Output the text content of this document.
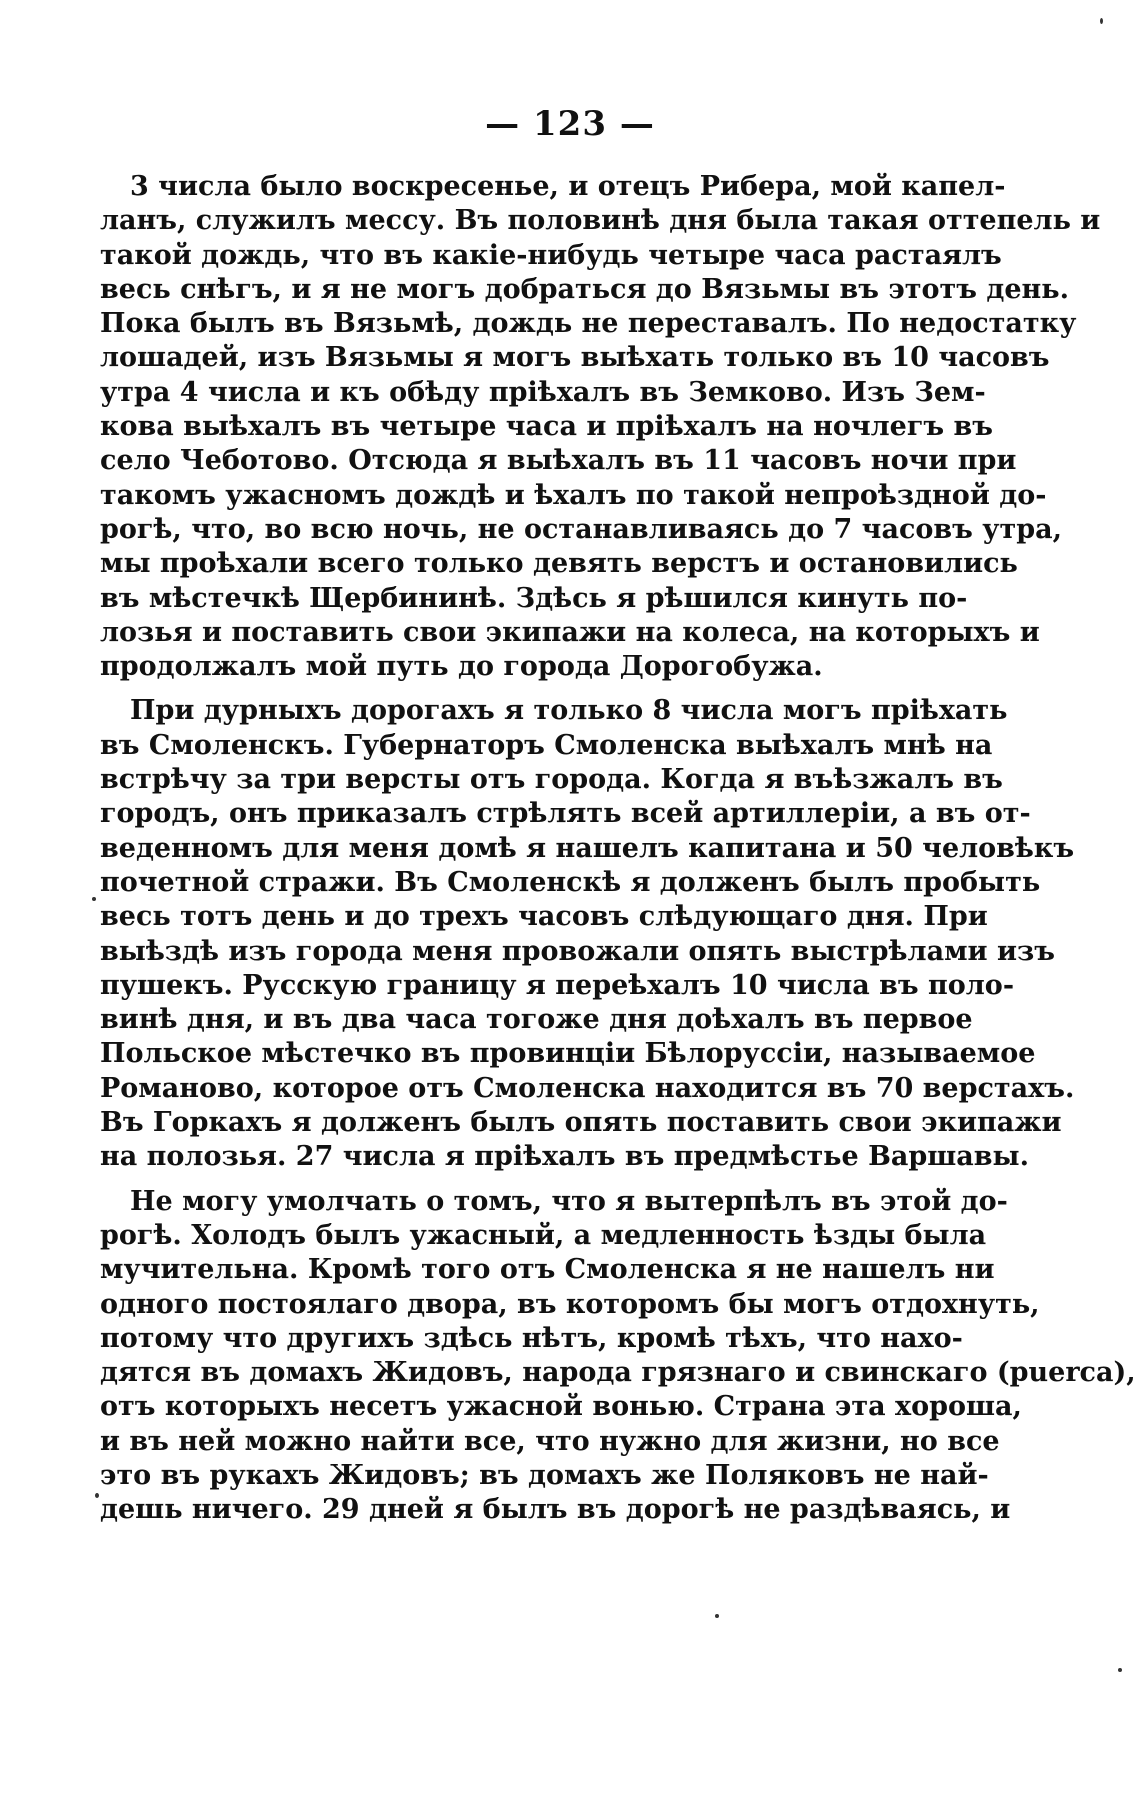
— 123 —
3 числа было воскресенье, и отецъ Рибера, мой капел-
ланъ, служилъ мессу. Въ половинѣ дня была такая оттепель и
такой дождь, что въ какіе-нибудь четыре часа растаялъ
весь снѣгъ, и я не могъ добраться до Вязьмы въ этотъ день.
Пока былъ въ Вязьмѣ, дождь не переставалъ. По недостатку
лошадей, изъ Вязьмы я могъ выѣхать только въ 10 часовъ
утра 4 числа и къ обѣду пріѣхалъ въ Земково. Изъ Зем-
кова выѣхалъ въ четыре часа и пріѣхалъ на ночлегъ въ
село Чеботово. Отсюда я выѣхалъ въ 11 часовъ ночи при
такомъ ужасномъ дождѣ и ѣхалъ по такой непроѣздной до-
рогѣ, что, во всю ночь, не останавливаясь до 7 часовъ утра,
мы проѣхали всего только девять верстъ и остановились
въ мѣстечкѣ Щербининѣ. Здѣсь я рѣшился кинуть по-
лозья и поставить свои экипажи на колеса, на которыхъ и
продолжалъ мой путь до города Дорогобужа.
При дурныхъ дорогахъ я только 8 числа могъ пріѣхать
въ Смоленскъ. Губернаторъ Смоленска выѣхалъ мнѣ на
встрѣчу за три версты отъ города. Когда я въѣзжалъ въ
городъ, онъ приказалъ стрѣлять всей артиллеріи, а въ от-
веденномъ для меня домѣ я нашелъ капитана и 50 человѣкъ
почетной стражи. Въ Смоленскѣ я долженъ былъ пробыть
весь тотъ день и до трехъ часовъ слѣдующаго дня. При
выѣздѣ изъ города меня провожали опять выстрѣлами изъ
пушекъ. Русскую границу я переѣхалъ 10 числа въ поло-
винѣ дня, и въ два часа тогоже дня доѣхалъ въ первое
Польское мѣстечко въ провинціи Бѣлоруссіи, называемое
Романово, которое отъ Смоленска находится въ 70 верстахъ.
Въ Горкахъ я долженъ былъ опять поставить свои экипажи
на полозья. 27 числа я пріѣхалъ въ предмѣстье Варшавы.
Не могу умолчать о томъ, что я вытерпѣлъ въ этой до-
рогѣ. Холодъ былъ ужасный, а медленность ѣзды была
мучительна. Кромѣ того отъ Смоленска я не нашелъ ни
одного постоялаго двора, въ которомъ бы могъ отдохнуть,
потому что другихъ здѣсь нѣтъ, кромѣ тѣхъ, что нахо-
дятся въ домахъ Жидовъ, народа грязнаго и свинскаго (puerca),
отъ которыхъ несетъ ужасной вонью. Страна эта хороша,
и въ ней можно найти все, что нужно для жизни, но все
это въ рукахъ Жидовъ; въ домахъ же Поляковъ не най-
дешь ничего. 29 дней я былъ въ дорогѣ не раздѣваясь, и
